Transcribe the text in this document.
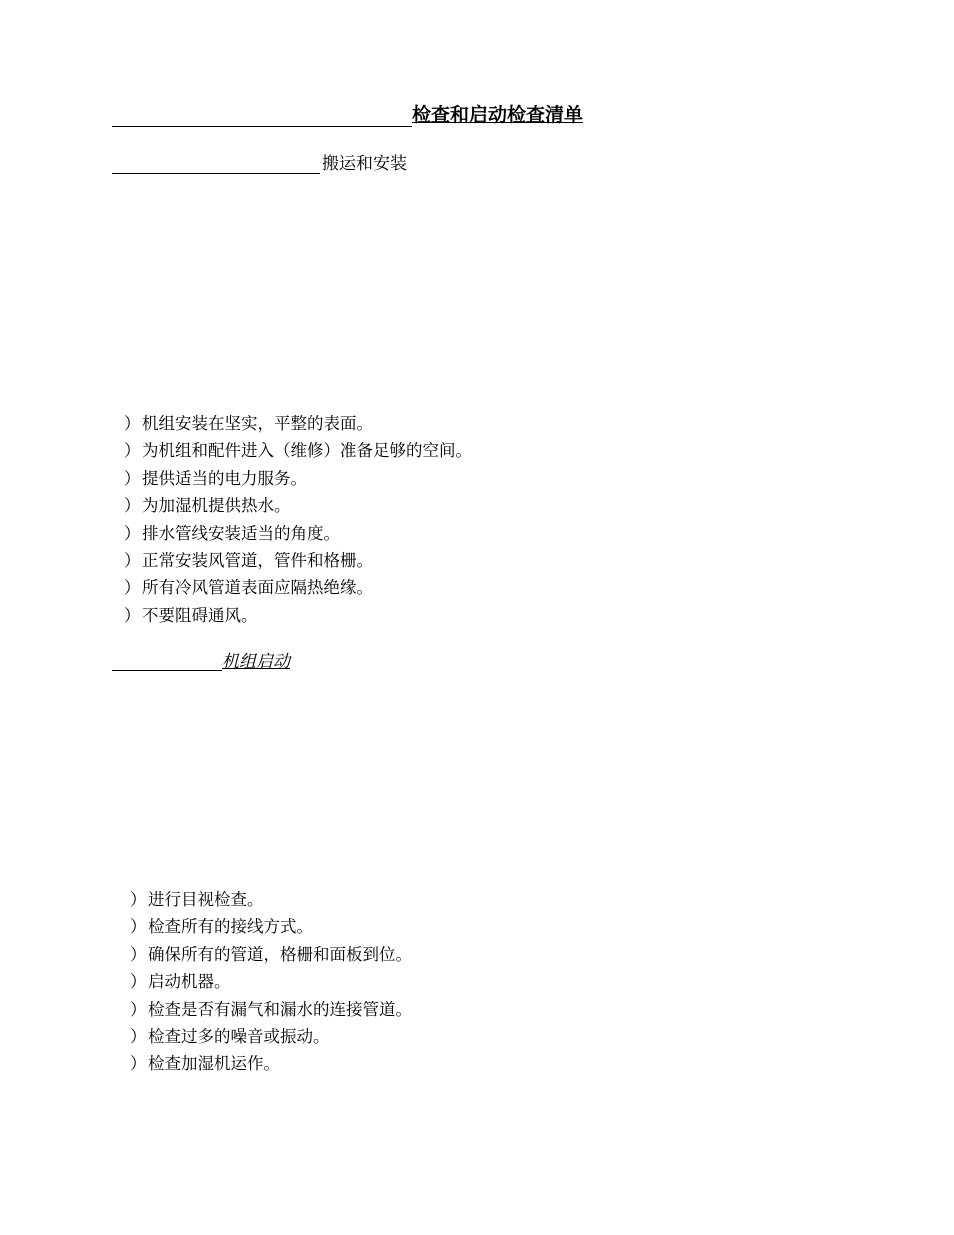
检查和启动检查清单
搬运和安装
）机组安装在坚实，平整的表面。
）为机组和配件进入（维修）准备足够的空间。
）提供适当的电力服务。
）为加湿机提供热水。
）排水管线安装适当的角度。
）正常安装风管道，管件和格栅。
）所有冷风管道表面应隔热绝缘。
）不要阻碍通风。
机组启动
）进行目视检查。
）检查所有的接线方式。
）确保所有的管道，格栅和面板到位。
）启动机器。
）检查是否有漏气和漏水的连接管道。
）检查过多的噪音或振动。
）检查加湿机运作。
